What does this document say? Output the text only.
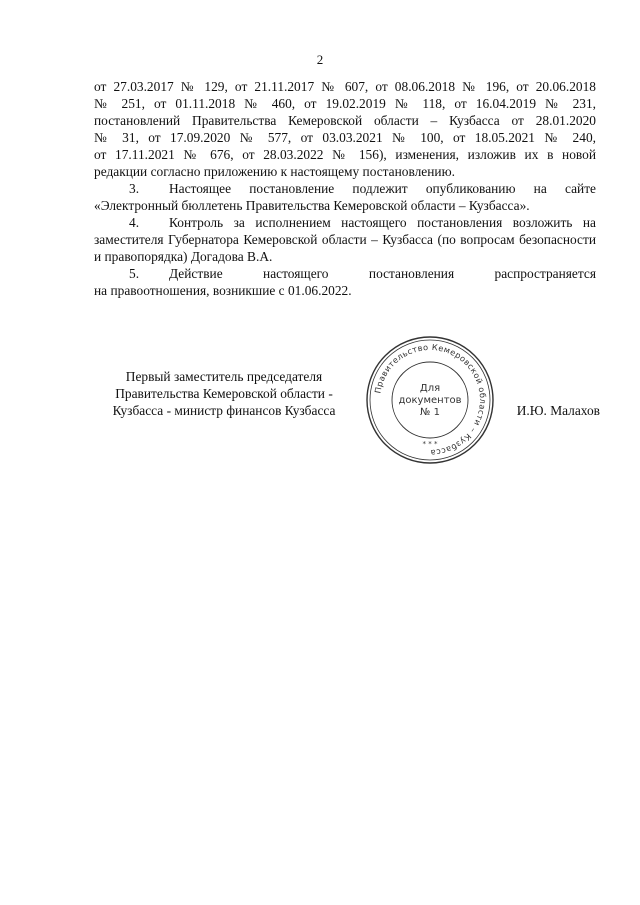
2

от 27.03.2017 № 129, от 21.11.2017 № 607, от 08.06.2018 № 196, от 20.06.2018

№ 251, от 01.11.2018 № 460, от 19.02.2019 № 118, от 16.04.2019 № 231,

постановлений Правительства Кемеровской области – Кузбасса от 28.01.2020

№ 31, от 17.09.2020 № 577, от 03.03.2021 № 100, от 18.05.2021 № 240,

от 17.11.2021 № 676, от 28.03.2022 № 156), изменения, изложив их в новой

редакции согласно приложению к настоящему постановлению.

3. Настоящее постановление подлежит опубликованию на сайте «Электронный бюллетень Правительства Кемеровской области – Кузбасса».

4. Контроль за исполнением настоящего постановления возложить на заместителя Губернатора Кемеровской области – Кузбасса (по вопросам безопасности и правопорядка) Догадова В.А.

5. Действие настоящего постановления распространяется

на правоотношения, возникшие с 01.06.2022.

Первый заместитель председателя
Правительства Кемеровской области -
Кузбасса - министр финансов Кузбасса
Правительство Кемеровской области – Кузбасса
* * *
Для
документов
№ 1	И.Ю. Малахов
